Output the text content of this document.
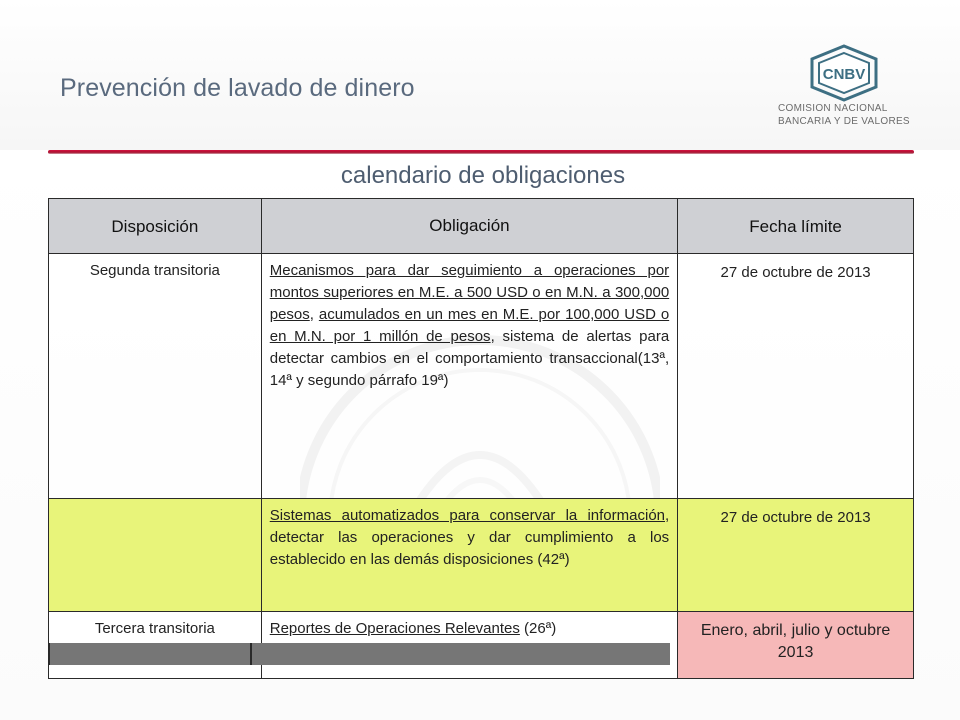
Prevención de lavado de dinero	CNBV
COMISION NACIONAL
BANCARIA Y DE VALORES
calendario de obligaciones
Disposición	Obligación	Fecha límite
Segunda transitoria	Mecanismos para dar seguimiento a operaciones por montos superiores en M.E. a 500 USD o en M.N. a 300,000 pesos, acumulados en un mes en M.E. por 100,000 USD o en M.N. por 1 millón de pesos, sistema de alertas para detectar cambios en el comportamiento transaccional(13ª, 14ª y segundo párrafo 19ª)	27 de octubre de 2013
	Sistemas automatizados para conservar la información, detectar las operaciones y dar cumplimiento a los establecido en las demás disposiciones (42ª)	27 de octubre de 2013
Tercera transitoria	Reportes de Operaciones Relevantes (26ª)	Enero, abril, julio y octubre 2013
